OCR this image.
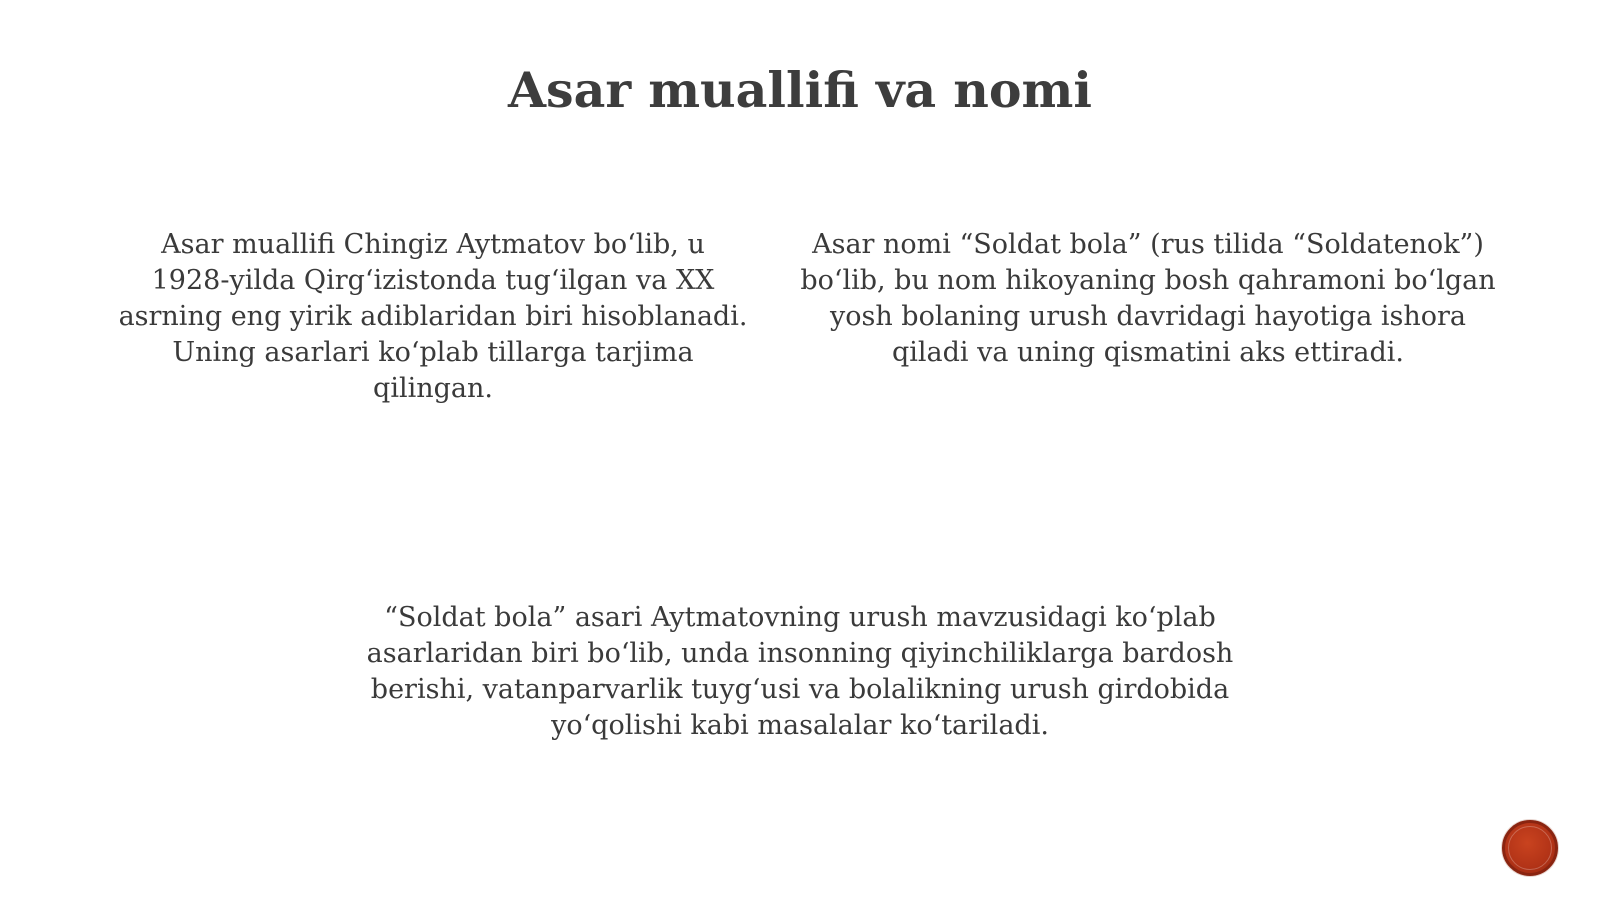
Asar muallifi va nomi

Asar muallifi Chingiz Aytmatov bo‘lib, u 1928-yilda Qirg‘izistonda tug‘ilgan va XX asrning eng yirik adiblaridan biri hisoblanadi. Uning asarlari ko‘plab tillarga tarjima qilingan.

Asar nomi “Soldat bola” (rus tilida “Soldatenok”) bo‘lib, bu nom hikoyaning bosh qahramoni bo‘lgan yosh bolaning urush davridagi hayotiga ishora qiladi va uning qismatini aks ettiradi.

“Soldat bola” asari Aytmatovning urush mavzusidagi ko‘plab asarlaridan biri bo‘lib, unda insonning qiyinchiliklarga bardosh berishi, vatanparvarlik tuyg‘usi va bolalikning urush girdobida yo‘qolishi kabi masalalar ko‘tariladi.
